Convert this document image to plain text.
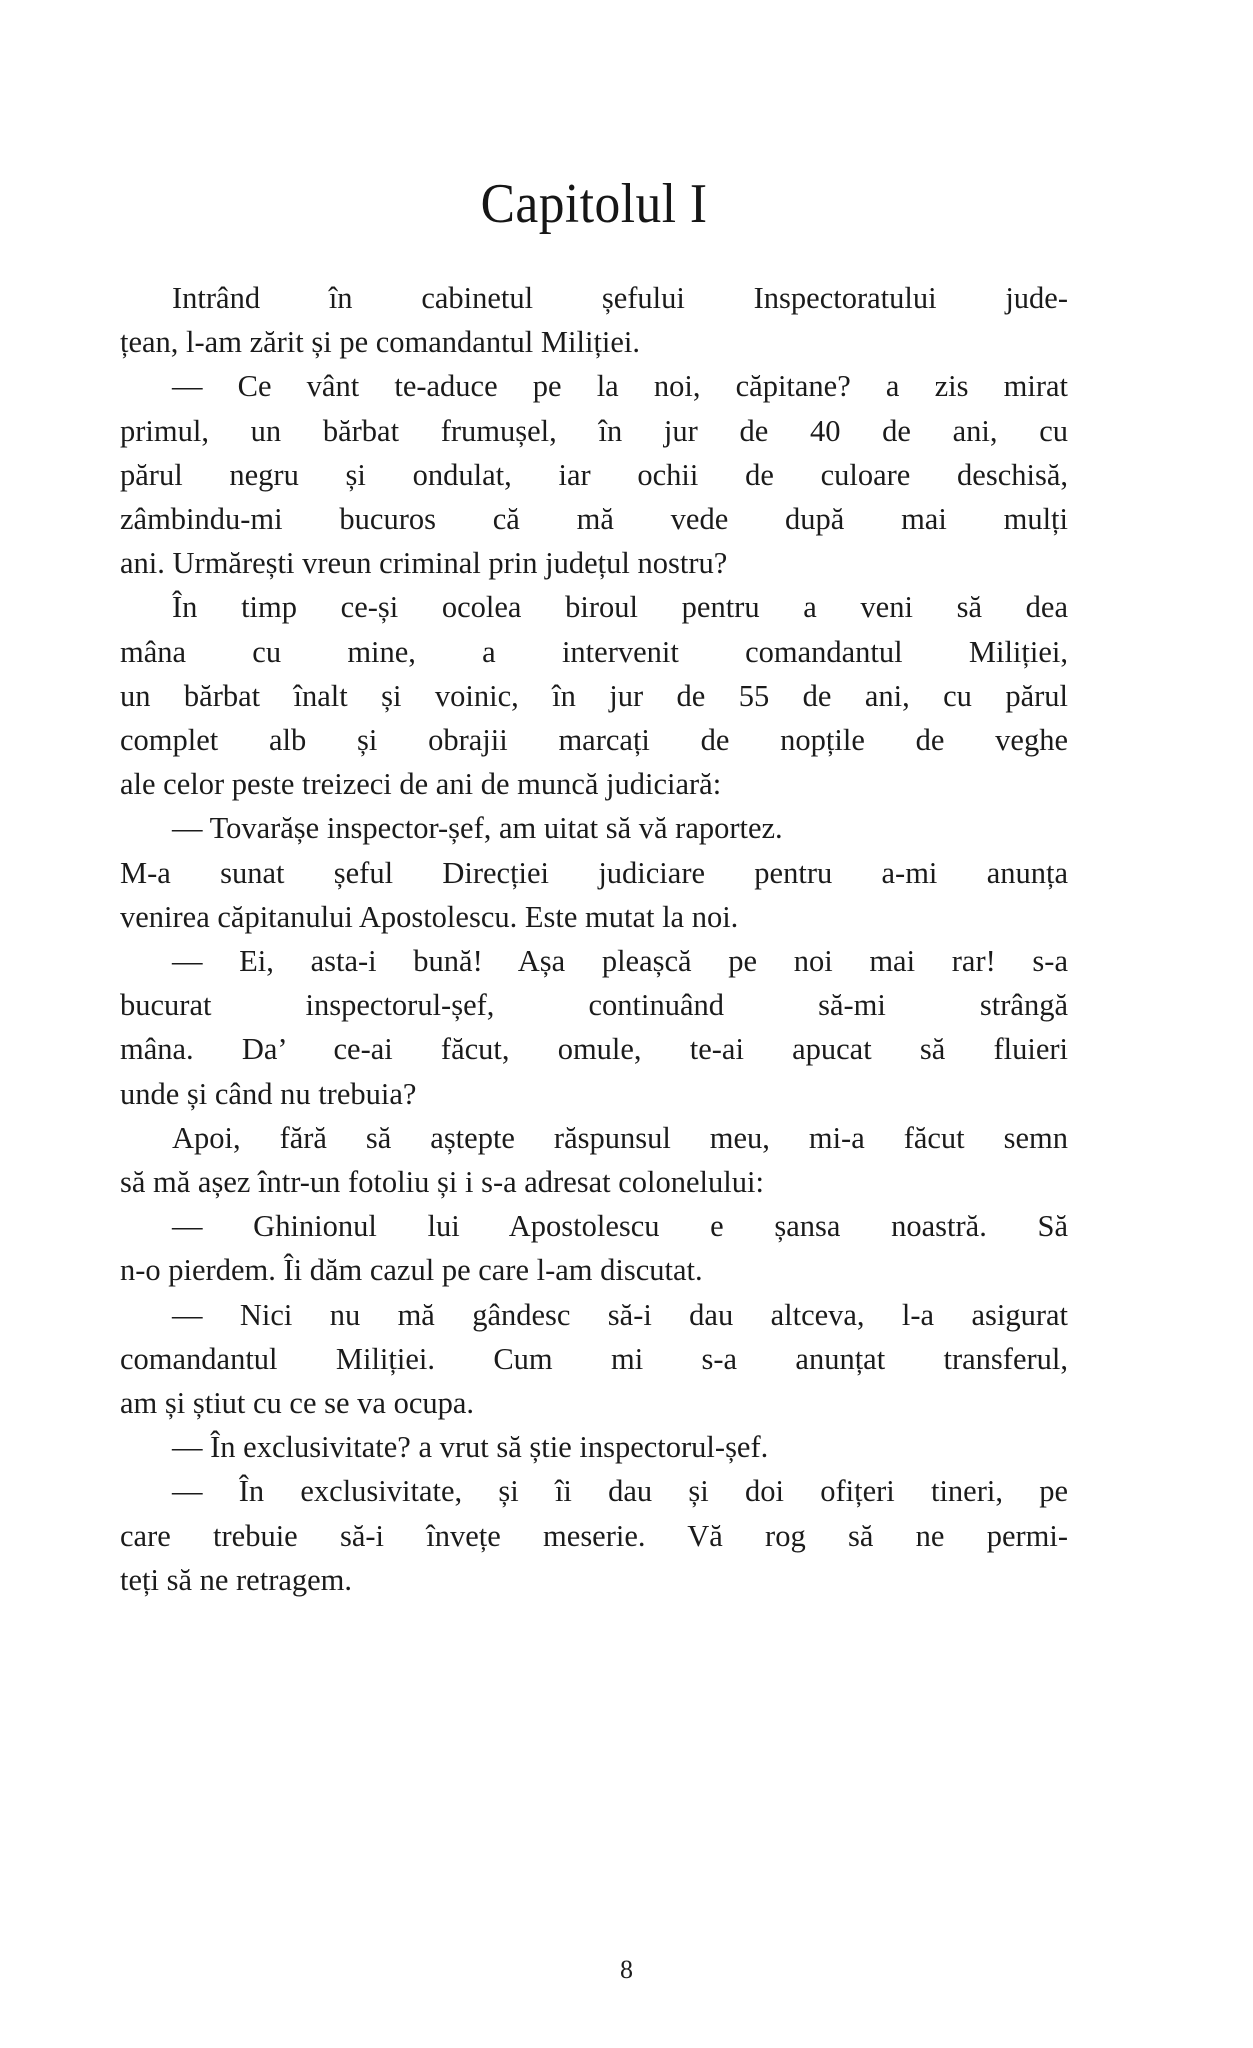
Capitolul I

Intrând în cabinetul șefului Inspectoratului jude-
țean, l-am zărit și pe comandantul Miliției.
— Ce vânt te-aduce pe la noi, căpitane? a zis mirat
primul, un bărbat frumușel, în jur de 40 de ani, cu
părul negru și ondulat, iar ochii de culoare deschisă,
zâmbindu-mi bucuros că mă vede după mai mulți
ani. Urmărești vreun criminal prin județul nostru?
În timp ce-și ocolea biroul pentru a veni să dea
mâna cu mine, a intervenit comandantul Miliției,
un bărbat înalt și voinic, în jur de 55 de ani, cu părul
complet alb și obrajii marcați de nopțile de veghe
ale celor peste treizeci de ani de muncă judiciară:
— Tovarășe inspector-șef, am uitat să vă raportez.
M-a sunat șeful Direcției judiciare pentru a-mi anunța
venirea căpitanului Apostolescu. Este mutat la noi.
— Ei, asta-i bună! Așa pleașcă pe noi mai rar! s-a
bucurat inspectorul-șef, continuând să-mi strângă
mâna. Da’ ce-ai făcut, omule, te-ai apucat să fluieri
unde și când nu trebuia?
Apoi, fără să aștepte răspunsul meu, mi-a făcut semn
să mă așez într-un fotoliu și i s-a adresat colonelului:
— Ghinionul lui Apostolescu e șansa noastră. Să
n-o pierdem. Îi dăm cazul pe care l-am discutat.
— Nici nu mă gândesc să-i dau altceva, l-a asigurat
comandantul Miliției. Cum mi s-a anunțat transferul,
am și știut cu ce se va ocupa.
— În exclusivitate? a vrut să știe inspectorul-șef.
— În exclusivitate, și îi dau și doi ofițeri tineri, pe
care trebuie să-i învețe meserie. Vă rog să ne permi-
teți să ne retragem.

8
